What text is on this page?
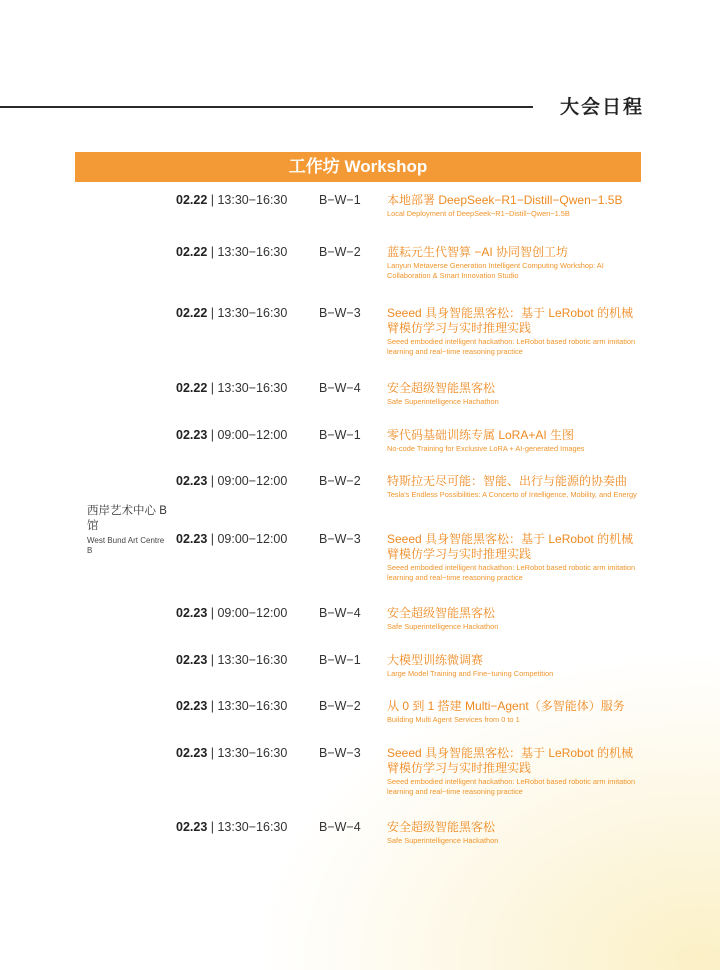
大会日程
工作坊 Workshop
西岸艺术中心 B 馆
West Bund Art Centre B
02.22 | 13:30−16:30	B−W−1 本地部署 DeepSeek−R1−Distill−Qwen−1.5B
Local Deployment of DeepSeek−R1−Distill−Qwen−1.5B
02.22 | 13:30−16:30	B−W−2 蓝耘元生代智算 −AI 协同智创工坊
Lanyun Metaverse Generation Intelligent Computing Workshop: AI Collaboration & Smart Innovation Studio
02.22 | 13:30−16:30	B−W−3 Seeed 具身智能黑客松：基于 LeRobot 的机械臂模仿学习与实时推理实践
Seeed embodied intelligent hackathon: LeRobot based robotic arm imitation learning and real−time reasoning practice
02.22 | 13:30−16:30	B−W−4 安全超级智能黑客松
Safe Superintelligence Hachathon
02.23 | 09:00−12:00	B−W−1 零代码基础训练专属 LoRA+AI 生图
No-code Training for Exclusive LoRA + AI-generated Images
02.23 | 09:00−12:00	B−W−2 特斯拉无尽可能：智能、出行与能源的协奏曲
Tesla's Endless Possibilities: A Concerto of Intelligence, Mobility, and Energy
02.23 | 09:00−12:00	B−W−3 Seeed 具身智能黑客松：基于 LeRobot 的机械臂模仿学习与实时推理实践
Seeed embodied intelligent hackathon: LeRobot based robotic arm imitation learning and real−time reasoning practice
02.23 | 09:00−12:00	B−W−4 安全超级智能黑客松
Safe Superintelligence Hackathon
02.23 | 13:30−16:30	B−W−1 大模型训练微调赛
Large Model Training and Fine−tuning Competition
02.23 | 13:30−16:30	B−W−2 从 0 到 1 搭建 Multi−Agent（多智能体）服务
Building Multi Agent Services from 0 to 1
02.23 | 13:30−16:30	B−W−3 Seeed 具身智能黑客松：基于 LeRobot 的机械臂模仿学习与实时推理实践
Seeed embodied intelligent hackathon: LeRobot based robotic arm imitation learning and real−time reasoning practice
02.23 | 13:30−16:30	B−W−4 安全超级智能黑客松
Safe Superintelligence Hackathon
